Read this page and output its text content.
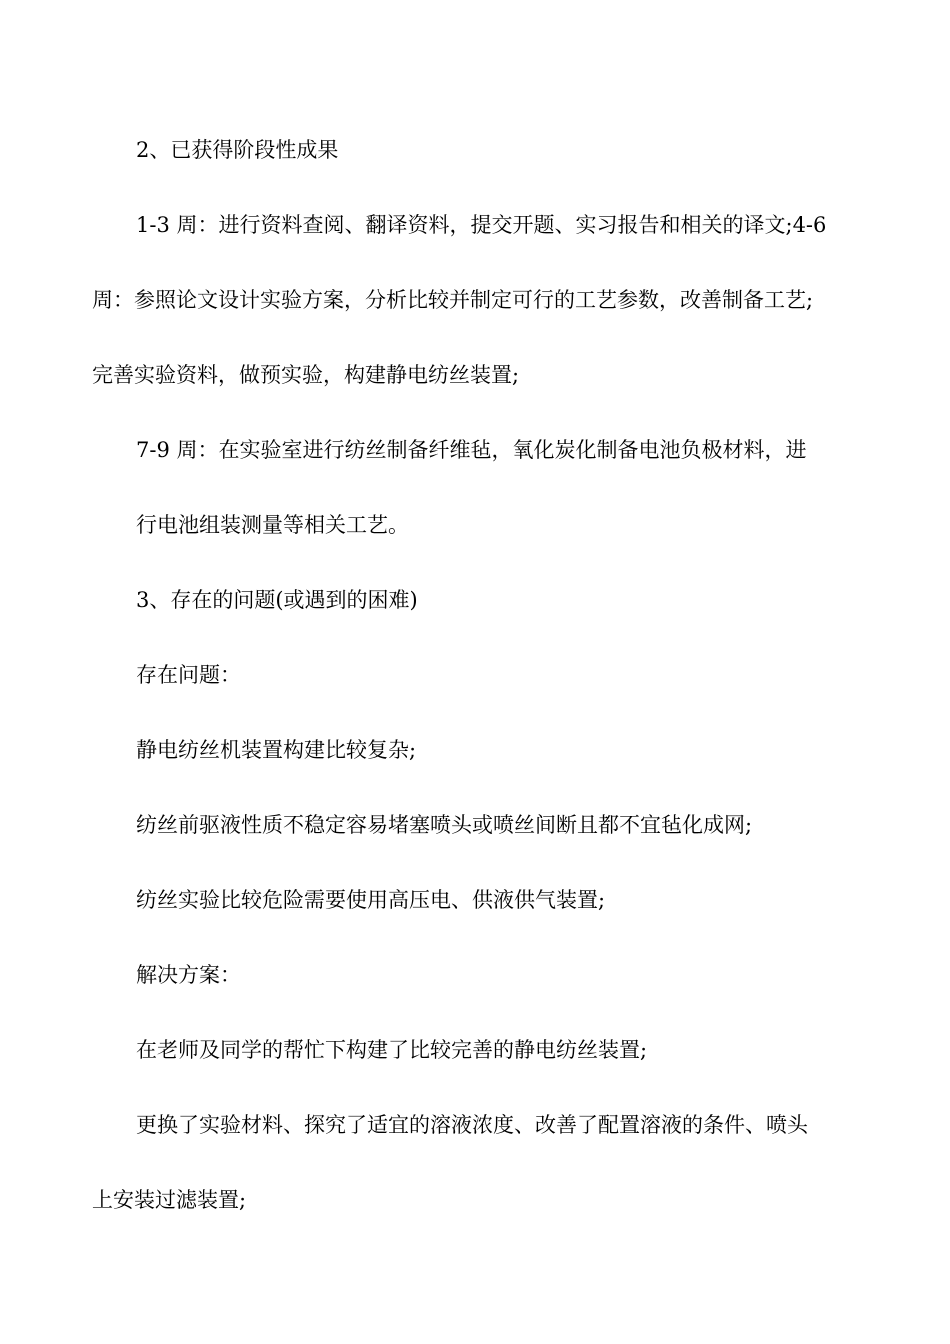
2、已获得阶段性成果
1-3 周：进行资料查阅、翻译资料，提交开题、实习报告和相关的译文;4-6
周：参照论文设计实验方案，分析比较并制定可行的工艺参数，改善制备工艺;
完善实验资料，做预实验，构建静电纺丝装置;
7-9 周：在实验室进行纺丝制备纤维毡，氧化炭化制备电池负极材料，进
行电池组装测量等相关工艺。
3、存在的问题(或遇到的困难)
存在问题：
静电纺丝机装置构建比较复杂;
纺丝前驱液性质不稳定容易堵塞喷头或喷丝间断且都不宜毡化成网;
纺丝实验比较危险需要使用高压电、供液供气装置;
解决方案：
在老师及同学的帮忙下构建了比较完善的静电纺丝装置;
更换了实验材料、探究了适宜的溶液浓度、改善了配置溶液的条件、喷头
上安装过滤装置;
